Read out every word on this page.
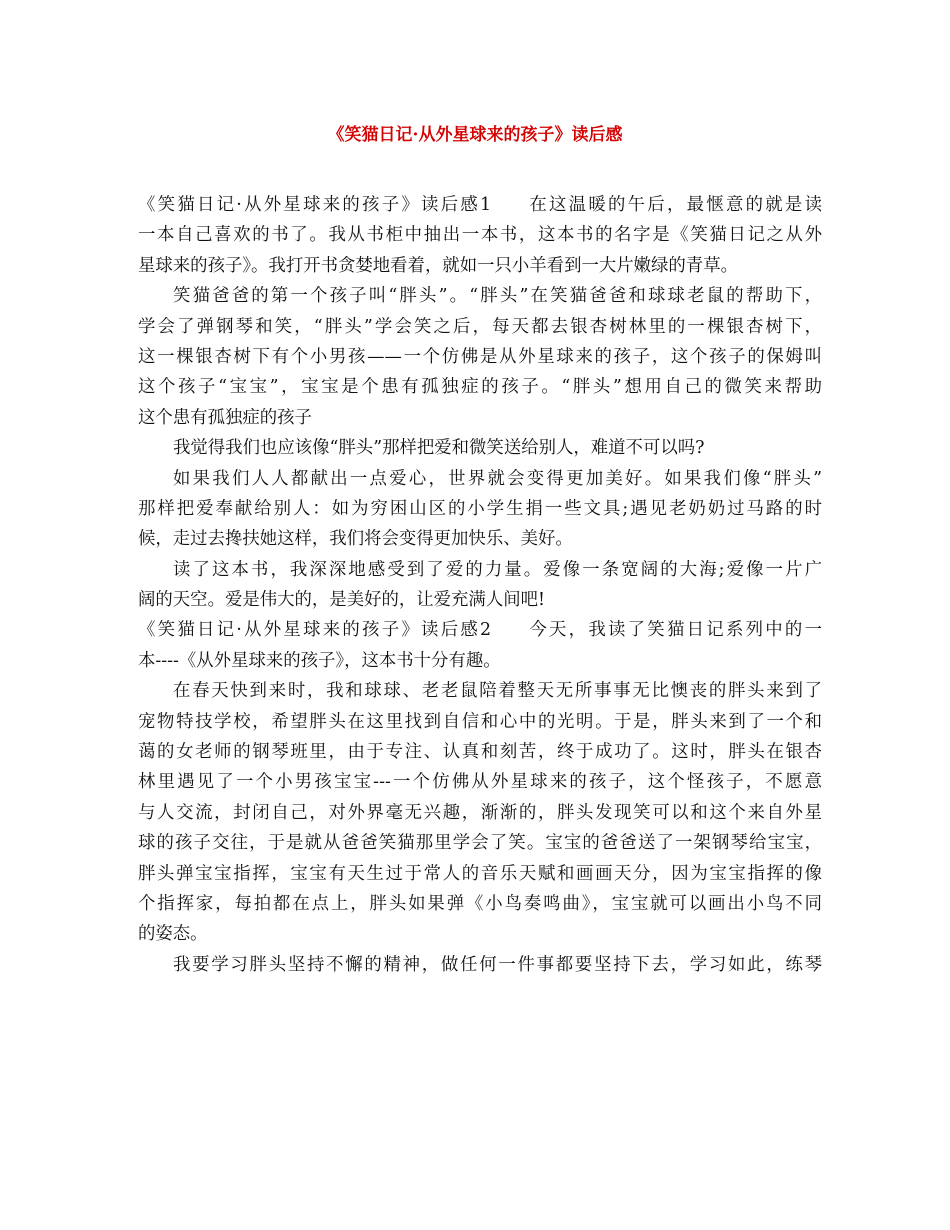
《笑猫日记·从外星球来的孩子》读后感
《笑猫日记·从外星球来的孩子》读后感1 在这温暖的午后，最惬意的就是读
一本自己喜欢的书了。我从书柜中抽出一本书，这本书的名字是《笑猫日记之从外
星球来的孩子》。我打开书贪婪地看着，就如一只小羊看到一大片嫩绿的青草。
笑猫爸爸的第一个孩子叫“胖头”。“胖头”在笑猫爸爸和球球老鼠的帮助下，
学会了弹钢琴和笑，“胖头”学会笑之后，每天都去银杏树林里的一棵银杏树下，
这一棵银杏树下有个小男孩——一个仿佛是从外星球来的孩子，这个孩子的保姆叫
这个孩子“宝宝”，宝宝是个患有孤独症的孩子。“胖头”想用自己的微笑来帮助
这个患有孤独症的孩子
我觉得我们也应该像“胖头”那样把爱和微笑送给别人，难道不可以吗?
如果我们人人都献出一点爱心，世界就会变得更加美好。如果我们像“胖头”
那样把爱奉献给别人：如为穷困山区的小学生捐一些文具;遇见老奶奶过马路的时
候，走过去搀扶她这样，我们将会变得更加快乐、美好。
读了这本书，我深深地感受到了爱的力量。爱像一条宽阔的大海;爱像一片广
阔的天空。爱是伟大的，是美好的，让爱充满人间吧!
《笑猫日记·从外星球来的孩子》读后感2 今天，我读了笑猫日记系列中的一
本----《从外星球来的孩子》，这本书十分有趣。
在春天快到来时，我和球球、老老鼠陪着整天无所事事无比懊丧的胖头来到了
宠物特技学校，希望胖头在这里找到自信和心中的光明。于是，胖头来到了一个和
蔼的女老师的钢琴班里，由于专注、认真和刻苦，终于成功了。这时，胖头在银杏
林里遇见了一个小男孩宝宝---一个仿佛从外星球来的孩子，这个怪孩子，不愿意
与人交流，封闭自己，对外界毫无兴趣，渐渐的，胖头发现笑可以和这个来自外星
球的孩子交往，于是就从爸爸笑猫那里学会了笑。宝宝的爸爸送了一架钢琴给宝宝，
胖头弹宝宝指挥，宝宝有天生过于常人的音乐天赋和画画天分，因为宝宝指挥的像
个指挥家，每拍都在点上，胖头如果弹《小鸟奏鸣曲》，宝宝就可以画出小鸟不同
的姿态。
我要学习胖头坚持不懈的精神，做任何一件事都要坚持下去，学习如此，练琴
